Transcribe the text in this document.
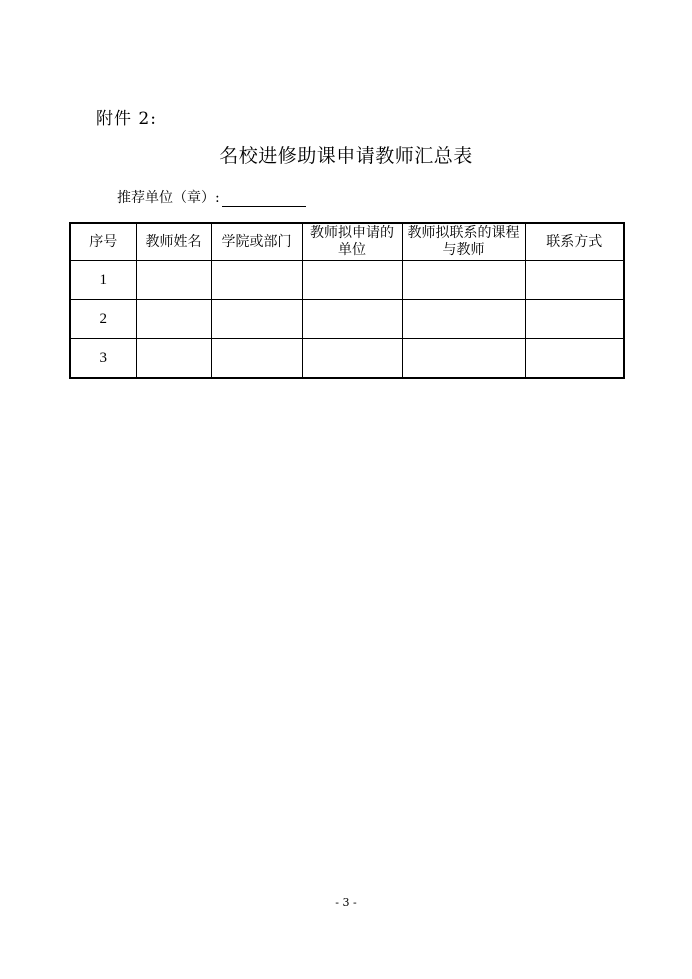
附件 2:
名校进修助课申请教师汇总表
推荐单位（章）:
序号	教师姓名	学院或部门	教师拟申请的单位	教师拟联系的课程与教师	联系方式
1					
2					
3					
- 3 -
